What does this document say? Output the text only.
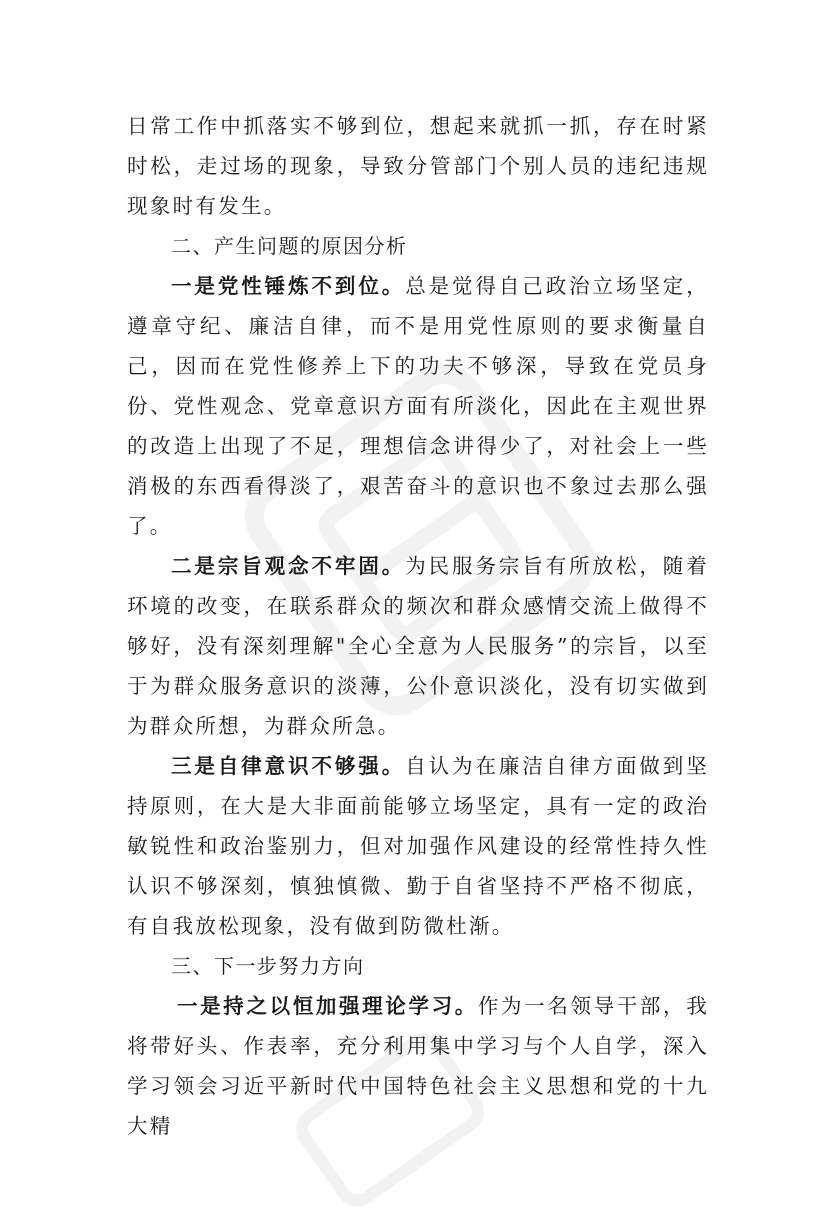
日常工作中抓落实不够到位，想起来就抓一抓，存在时紧时松，走过场的现象，导致分管部门个别人员的违纪违规现象时有发生。

二、产生问题的原因分析

一是党性锤炼不到位。总是觉得自己政治立场坚定，遵章守纪、廉洁自律，而不是用党性原则的要求衡量自己，因而在党性修养上下的功夫不够深，导致在党员身份、党性观念、党章意识方面有所淡化，因此在主观世界的改造上出现了不足，理想信念讲得少了，对社会上一些消极的东西看得淡了，艰苦奋斗的意识也不象过去那么强了。

二是宗旨观念不牢固。为民服务宗旨有所放松，随着环境的改变，在联系群众的频次和群众感情交流上做得不够好，没有深刻理解"全心全意为人民服务”的宗旨，以至于为群众服务意识的淡薄，公仆意识淡化，没有切实做到为群众所想，为群众所急。

三是自律意识不够强。自认为在廉洁自律方面做到坚持原则，在大是大非面前能够立场坚定，具有一定的政治敏锐性和政治鉴别力，但对加强作风建设的经常性持久性认识不够深刻，慎独慎微、勤于自省坚持不严格不彻底，有自我放松现象，没有做到防微杜渐。

三、下一步努力方向

一是持之以恒加强理论学习。作为一名领导干部，我将带好头、作表率，充分利用集中学习与个人自学，深入学习领会习近平新时代中国特色社会主义思想和党的十九大精
